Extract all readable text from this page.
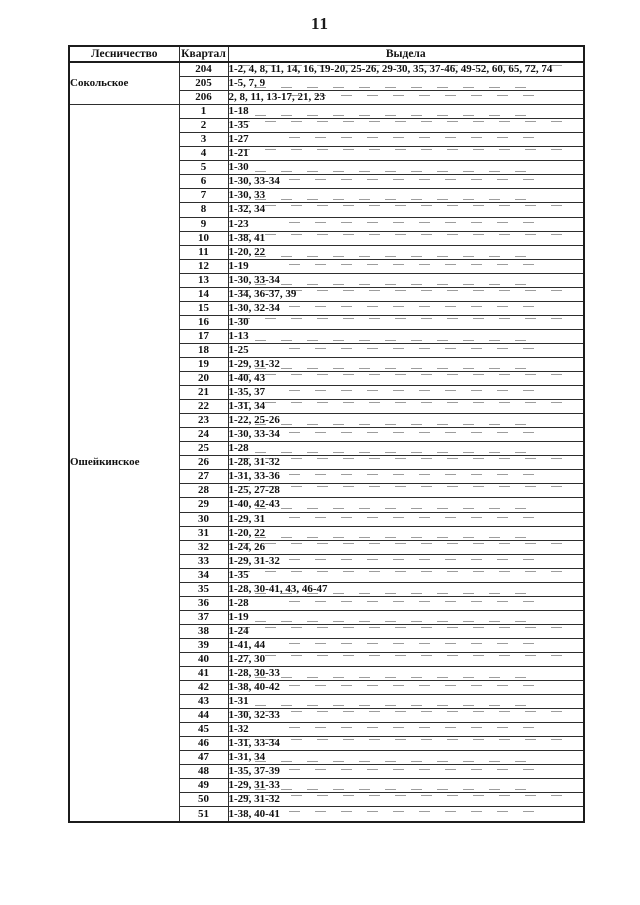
11
Лесничество	Квартал	Выдела
Сокольское	204	1-2, 4, 8, 11, 14, 16, 19-20, 25-26, 29-30, 35, 37-46, 49-52, 60, 65, 72, 74
	205	1-5, 7, 9
	206	2, 8, 11, 13-17, 21, 23
Ошейкинское	1	1-18
	2	1-35
	3	1-27
	4	1-21
	5	1-30
	6	1-30, 33-34
	7	1-30, 33
	8	1-32, 34
	9	1-23
	10	1-38, 41
	11	1-20, 22
	12	1-19
	13	1-30, 33-34
	14	1-34, 36-37, 39
	15	1-30, 32-34
	16	1-30
	17	1-13
	18	1-25
	19	1-29, 31-32
	20	1-40, 43
	21	1-35, 37
	22	1-31, 34
	23	1-22, 25-26
	24	1-30, 33-34
	25	1-28
	26	1-28, 31-32
	27	1-31, 33-36
	28	1-25, 27-28
	29	1-40, 42-43
	30	1-29, 31
	31	1-20, 22
	32	1-24, 26
	33	1-29, 31-32
	34	1-35
	35	1-28, 30-41, 43, 46-47
	36	1-28
	37	1-19
	38	1-24
	39	1-41, 44
	40	1-27, 30
	41	1-28, 30-33
	42	1-38, 40-42
	43	1-31
	44	1-30, 32-33
	45	1-32
	46	1-31, 33-34
	47	1-31, 34
	48	1-35, 37-39
	49	1-29, 31-33
	50	1-29, 31-32
	51	1-38, 40-41
